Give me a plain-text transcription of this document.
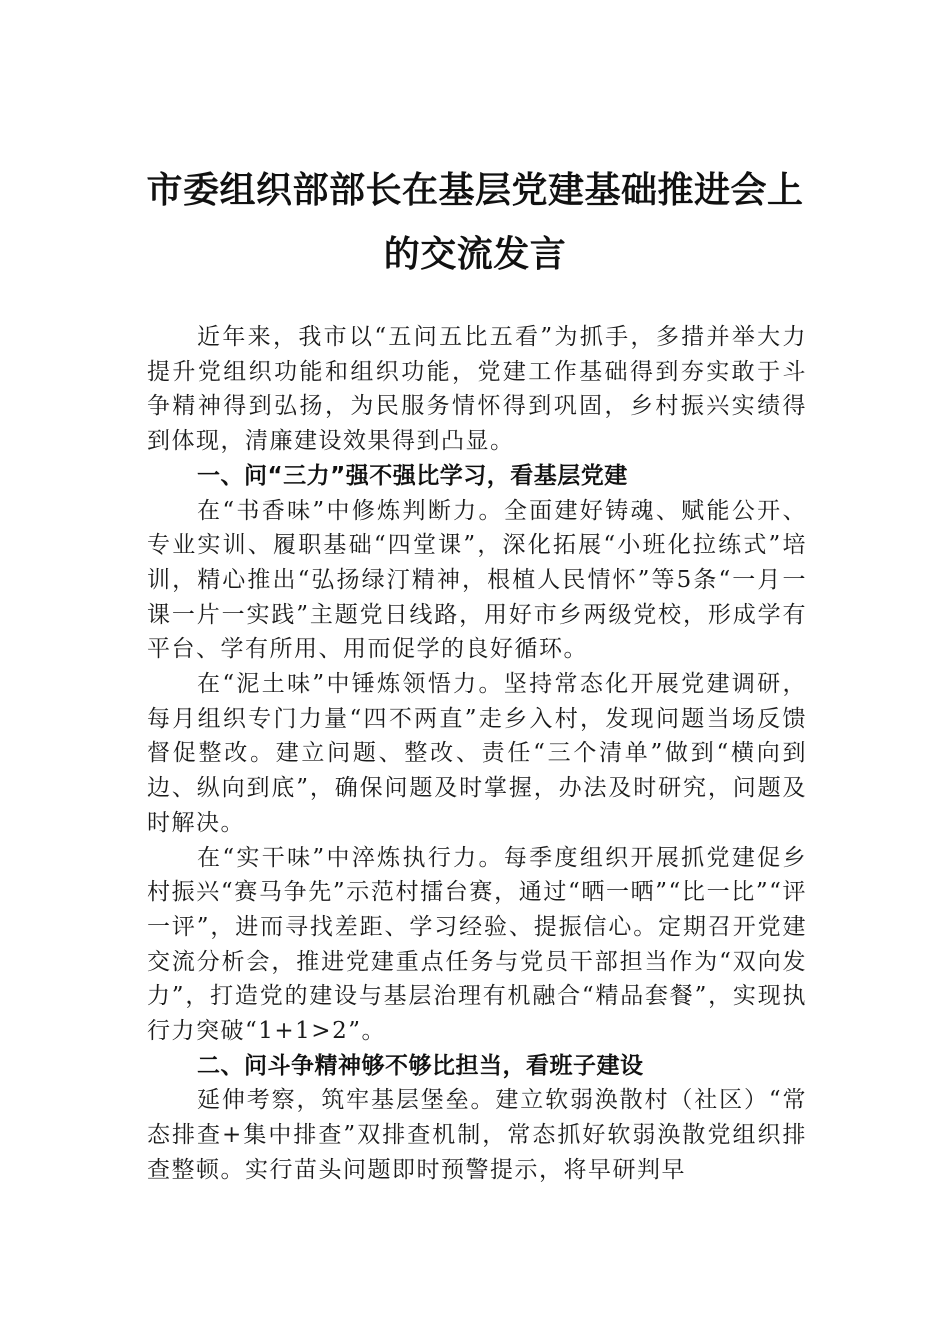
市委组织部部长在基层党建基础推进会上
的交流发言

近年来，我市以“五问五比五看”为抓手，多措并举大力提升党组织功能和组织功能，党建工作基础得到夯实敢于斗争精神得到弘扬，为民服务情怀得到巩固，乡村振兴实绩得到体现，清廉建设效果得到凸显。

一、问“三力”强不强比学习，看基层党建

在“书香味”中修炼判断力。全面建好铸魂、赋能公开、专业实训、履职基础“四堂课”，深化拓展“小班化拉练式”培训，精心推出“弘扬绿汀精神，根植人民情怀”等5条“一月一课一片一实践”主题党日线路，用好市乡两级党校，形成学有平台、学有所用、用而促学的良好循环。

在“泥土味”中锤炼领悟力。坚持常态化开展党建调研，每月组织专门力量“四不两直”走乡入村，发现问题当场反馈督促整改。建立问题、整改、责任“三个清单”做到“横向到边、纵向到底”，确保问题及时掌握，办法及时研究，问题及时解决。

在“实干味”中淬炼执行力。每季度组织开展抓党建促乡村振兴“赛马争先”示范村擂台赛，通过“晒一晒”“比一比”“评一评”，进而寻找差距、学习经验、提振信心。定期召开党建交流分析会，推进党建重点任务与党员干部担当作为“双向发力”，打造党的建设与基层治理有机融合“精品套餐”，实现执行力突破“1+1>2”。

二、问斗争精神够不够比担当，看班子建设

延伸考察，筑牢基层堡垒。建立软弱涣散村（社区）“常态排查+集中排查”双排查机制，常态抓好软弱涣散党组织排查整顿。实行苗头问题即时预警提示，将早研判早
